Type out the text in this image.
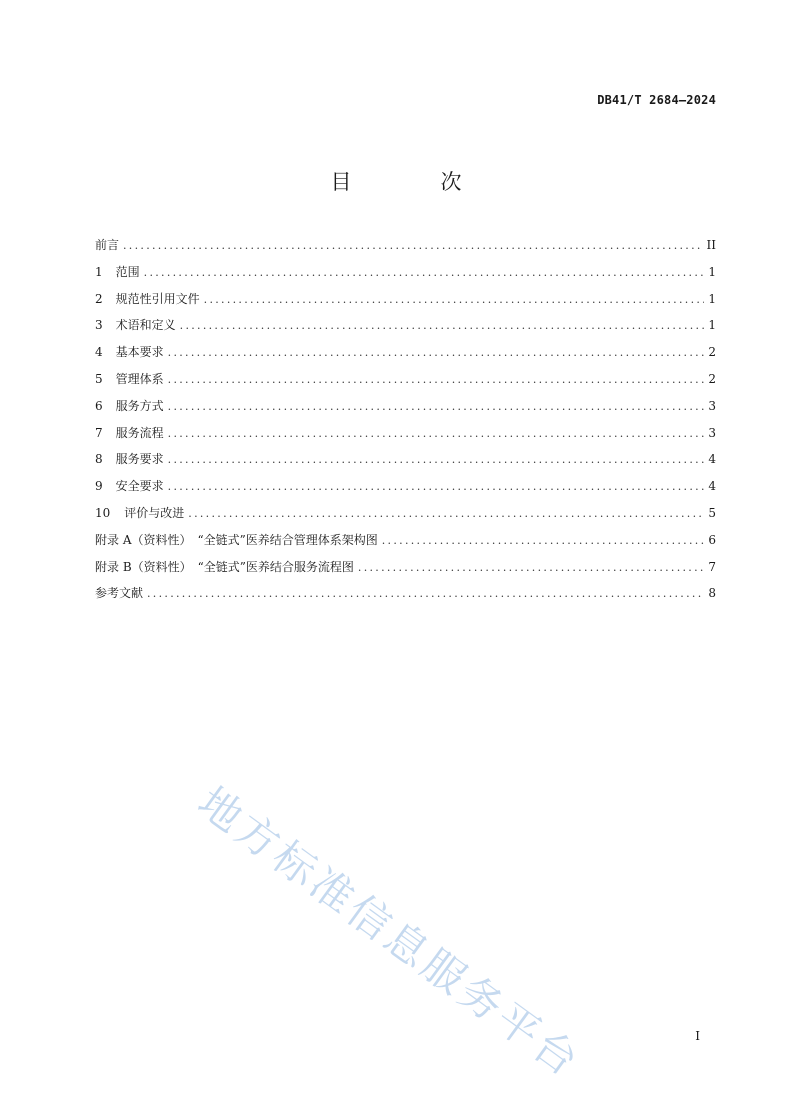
DB41/T 2684—2024
目　次
前言 .....	II
1 范围 .....	1
2 规范性引用文件 .....	1
3 术语和定义 .....	1
4 基本要求 .....	2
5 管理体系 .....	2
6 服务方式 .....	3
7 服务流程 .....	3
8 服务要求 .....	4
9 安全要求 .....	4
10 评价与改进 .....	5
附录 A（资料性）　“全链式”医养结合管理体系架构图 .....	6
附录 B（资料性）　“全链式”医养结合服务流程图 .....	7
参考文献 .....	8
地方标准信息服务平台	I
